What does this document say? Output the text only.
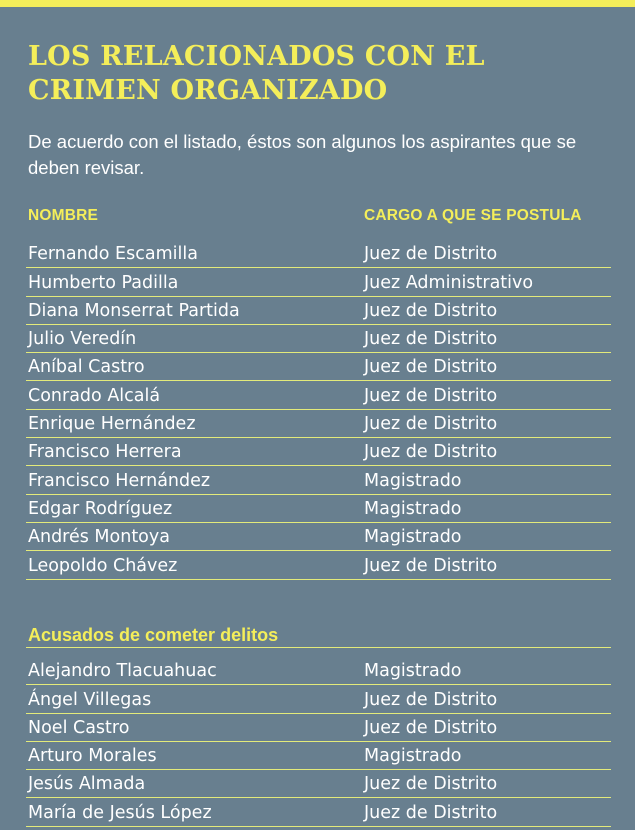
LOS RELACIONADOS CON EL
CRIMEN ORGANIZADO

De acuerdo con el listado, éstos son algunos los aspirantes que se deben revisar.

NOMBRE	CARGO A QUE SE POSTULA
Fernando Escamilla	Juez de Distrito
Humberto Padilla	Juez Administrativo
Diana Monserrat Partida	Juez de Distrito
Julio Veredín	Juez de Distrito
Aníbal Castro	Juez de Distrito
Conrado Alcalá	Juez de Distrito
Enrique Hernández	Juez de Distrito
Francisco Herrera	Juez de Distrito
Francisco Hernández	Magistrado
Edgar Rodríguez	Magistrado
Andrés Montoya	Magistrado
Leopoldo Chávez	Juez de Distrito
Acusados de cometer delitos
Alejandro Tlacuahuac	Magistrado
Ángel Villegas	Juez de Distrito
Noel Castro	Juez de Distrito
Arturo Morales	Magistrado
Jesús Almada	Juez de Distrito
María de Jesús López	Juez de Distrito
